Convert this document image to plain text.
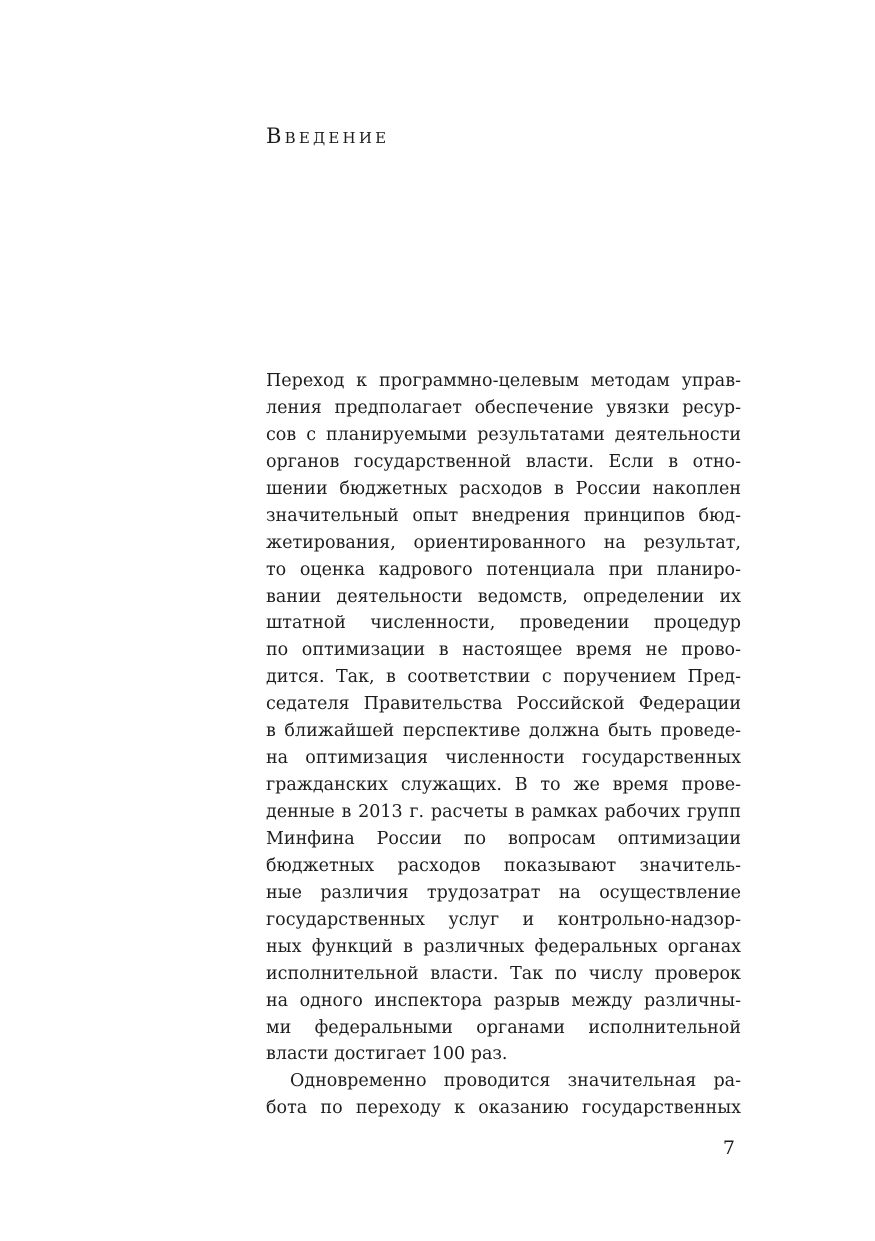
Введение
Переход к программно-целевым методам управ-
ления предполагает обеспечение увязки ресур-
сов с планируемыми результатами деятельности
органов государственной власти. Если в отно-
шении бюджетных расходов в России накоплен
значительный опыт внедрения принципов бюд-
жетирования, ориентированного на результат,
то оценка кадрового потенциала при планиро-
вании деятельности ведомств, определении их
штатной численности, проведении процедур
по оптимизации в настоящее время не прово-
дится. Так, в соответствии с поручением Пред-
седателя Правительства Российской Федерации
в ближайшей перспективе должна быть проведе-
на оптимизация численности государственных
гражданских служащих. В то же время прове-
денные в 2013 г. расчеты в рамках рабочих групп
Минфина России по вопросам оптимизации
бюджетных расходов показывают значитель-
ные различия трудозатрат на осуществление
государственных услуг и контрольно-надзор-
ных функций в различных федеральных органах
исполнительной власти. Так по числу проверок
на одного инспектора разрыв между различны-
ми федеральными органами исполнительной
власти достигает 100 раз.
Одновременно проводится значительная ра-
бота по переходу к оказанию государственных
7
